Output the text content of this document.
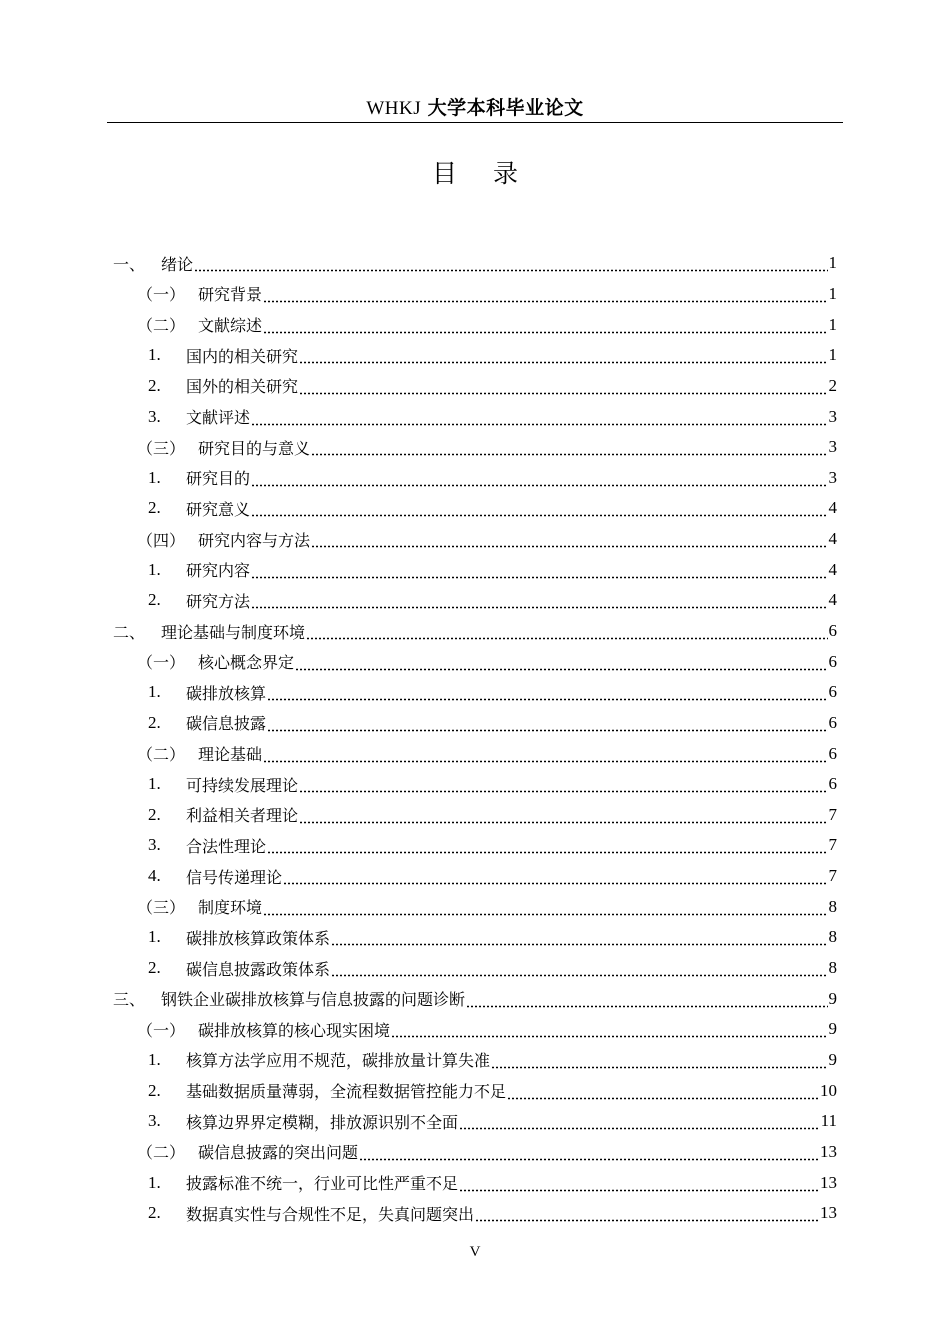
WHKJ 大学本科毕业论文
目 录
一、 绪论	1
（一） 研究背景	1
（二） 文献综述	1
1.	国内的相关研究	1
2.	国外的相关研究	2
3.	文献评述	3
（三） 研究目的与意义	3
1.	研究目的	3
2.	研究意义	4
（四） 研究内容与方法	4
1.	研究内容	4
2.	研究方法	4
二、 理论基础与制度环境	6
（一） 核心概念界定	6
1.	碳排放核算	6
2.	碳信息披露	6
（二） 理论基础	6
1.	可持续发展理论	6
2.	利益相关者理论	7
3.	合法性理论	7
4.	信号传递理论	7
（三） 制度环境	8
1.	碳排放核算政策体系	8
2.	碳信息披露政策体系	8
三、 钢铁企业碳排放核算与信息披露的问题诊断	9
（一） 碳排放核算的核心现实困境	9
1.	核算方法学应用不规范，碳排放量计算失准	9
2.	基础数据质量薄弱，全流程数据管控能力不足	10
3.	核算边界界定模糊，排放源识别不全面	11
（二） 碳信息披露的突出问题	13
1.	披露标准不统一，行业可比性严重不足	13
2.	数据真实性与合规性不足，失真问题突出	13
V
